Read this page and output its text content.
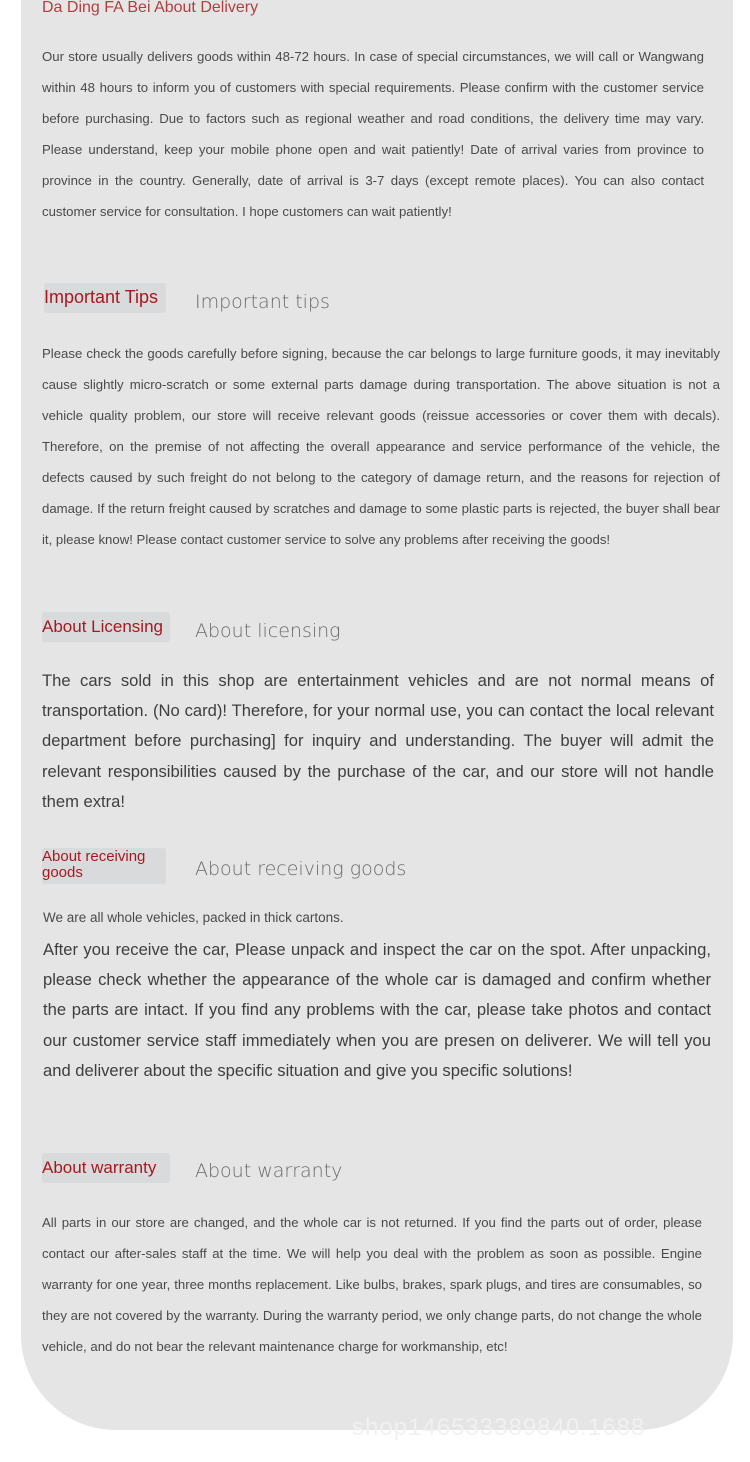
Da Ding FA Bei About Delivery

Our store usually delivers goods within 48-72 hours. In case of special circumstances, we will call or Wangwang within 48 hours to inform you of customers with special requirements. Please confirm with the customer service before purchasing. Due to factors such as regional weather and road conditions, the delivery time may vary. Please understand, keep your mobile phone open and wait patiently! Date of arrival varies from province to province in the country. Generally, date of arrival is 3-7 days (except remote places). You can also contact customer service for consultation. I hope customers can wait patiently!

Important Tips Important tips

Please check the goods carefully before signing, because the car belongs to large furniture goods, it may inevitably cause slightly micro-scratch or some external parts damage during transportation. The above situation is not a vehicle quality problem, our store will receive relevant goods (reissue accessories or cover them with decals). Therefore, on the premise of not affecting the overall appearance and service performance of the vehicle, the defects caused by such freight do not belong to the category of damage return, and the reasons for rejection of damage. If the return freight caused by scratches and damage to some plastic parts is rejected, the buyer shall bear it, please know! Please contact customer service to solve any problems after receiving the goods!

About Licensing About licensing

The cars sold in this shop are entertainment vehicles and are not normal means of transportation. (No card)! Therefore, for your normal use, you can contact the local relevant department before purchasing] for inquiry and understanding. The buyer will admit the relevant responsibilities caused by the purchase of the car, and our store will not handle them extra!

About receiving goods	About receiving goods

We are all whole vehicles, packed in thick cartons.

After you receive the car, Please unpack and inspect the car on the spot. After unpacking, please check whether the appearance of the whole car is damaged and confirm whether the parts are intact. If you find any problems with the car, please take photos and contact our customer service staff immediately when you are presen on deliverer. We will tell you and deliverer about the specific situation and give you specific solutions!

About warranty About warranty

All parts in our store are changed, and the whole car is not returned. If you find the parts out of order, please contact our after-sales staff at the time. We will help you deal with the problem as soon as possible. Engine warranty for one year, three months replacement. Like bulbs, brakes, spark plugs, and tires are consumables, so they are not covered by the warranty. During the warranty period, we only change parts, do not change the whole vehicle, and do not bear the relevant maintenance charge for workmanship, etc!

shop146533389840.1688
